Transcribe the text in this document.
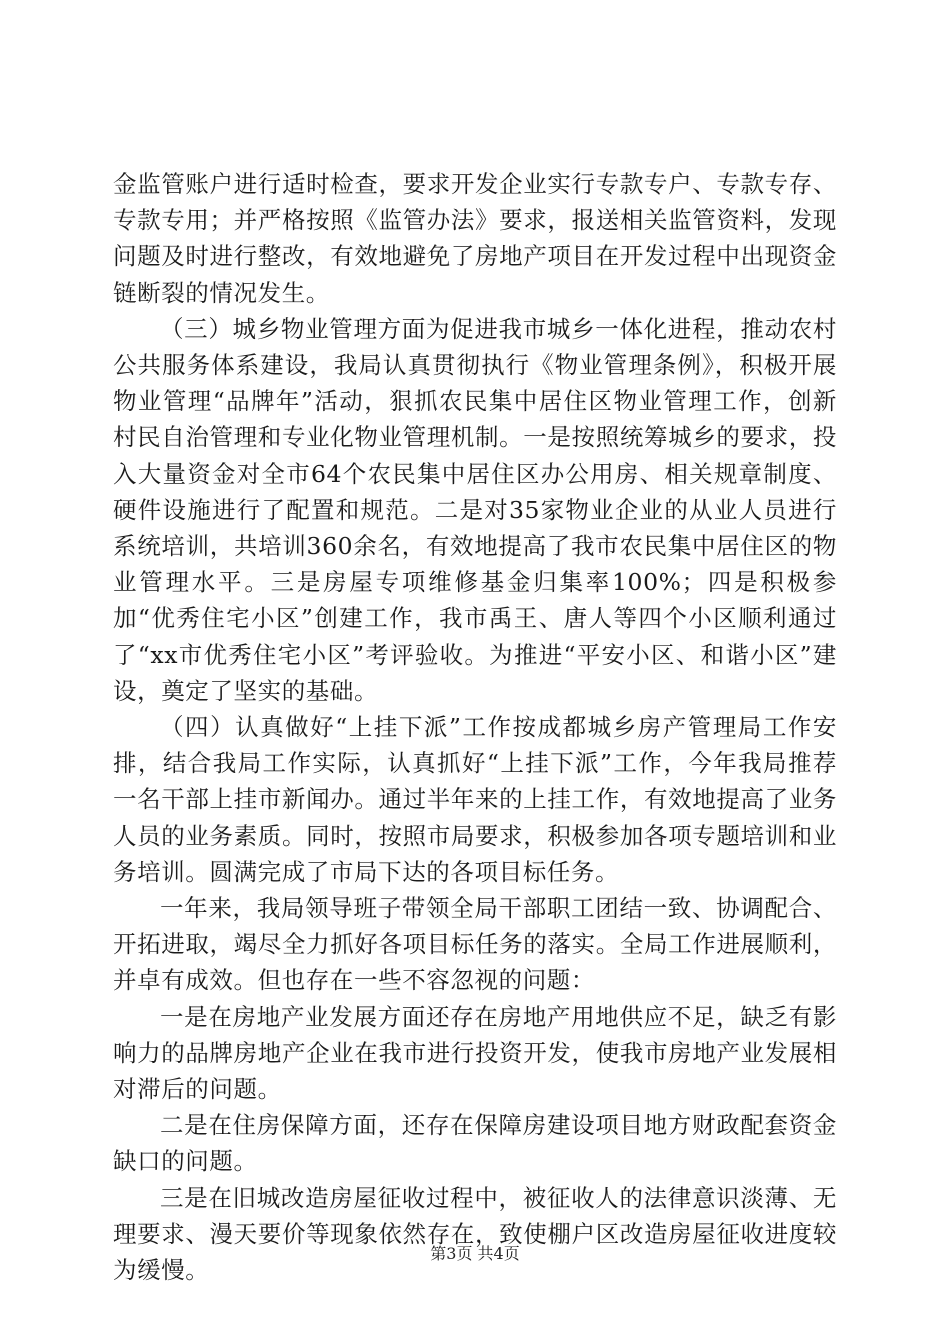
金监管账户进行适时检查，要求开发企业实行专款专户、专款专存、专款专用；并严格按照《监管办法》要求，报送相关监管资料，发现问题及时进行整改，有效地避免了房地产项目在开发过程中出现资金链断裂的情况发生。

（三）城乡物业管理方面为促进我市城乡一体化进程，推动农村公共服务体系建设，我局认真贯彻执行《物业管理条例》，积极开展物业管理“品牌年”活动，狠抓农民集中居住区物业管理工作，创新村民自治管理和专业化物业管理机制。一是按照统筹城乡的要求，投入大量资金对全市64个农民集中居住区办公用房、相关规章制度、硬件设施进行了配置和规范。二是对35家物业企业的从业人员进行系统培训，共培训360余名，有效地提高了我市农民集中居住区的物业管理水平。三是房屋专项维修基金归集率100%；四是积极参加“优秀住宅小区”创建工作，我市禹王、唐人等四个小区顺利通过了“xx市优秀住宅小区”考评验收。为推进“平安小区、和谐小区”建设，奠定了坚实的基础。

（四）认真做好“上挂下派”工作按成都城乡房产管理局工作安排，结合我局工作实际，认真抓好“上挂下派”工作，今年我局推荐一名干部上挂市新闻办。通过半年来的上挂工作，有效地提高了业务人员的业务素质。同时，按照市局要求，积极参加各项专题培训和业务培训。圆满完成了市局下达的各项目标任务。

一年来，我局领导班子带领全局干部职工团结一致、协调配合、开拓进取，竭尽全力抓好各项目标任务的落实。全局工作进展顺利，并卓有成效。但也存在一些不容忽视的问题：

一是在房地产业发展方面还存在房地产用地供应不足，缺乏有影响力的品牌房地产企业在我市进行投资开发，使我市房地产业发展相对滞后的问题。

二是在住房保障方面，还存在保障房建设项目地方财政配套资金缺口的问题。

三是在旧城改造房屋征收过程中，被征收人的法律意识淡薄、无理要求、漫天要价等现象依然存在，致使棚户区改造房屋征收进度较为缓慢。

第3页 共4页
